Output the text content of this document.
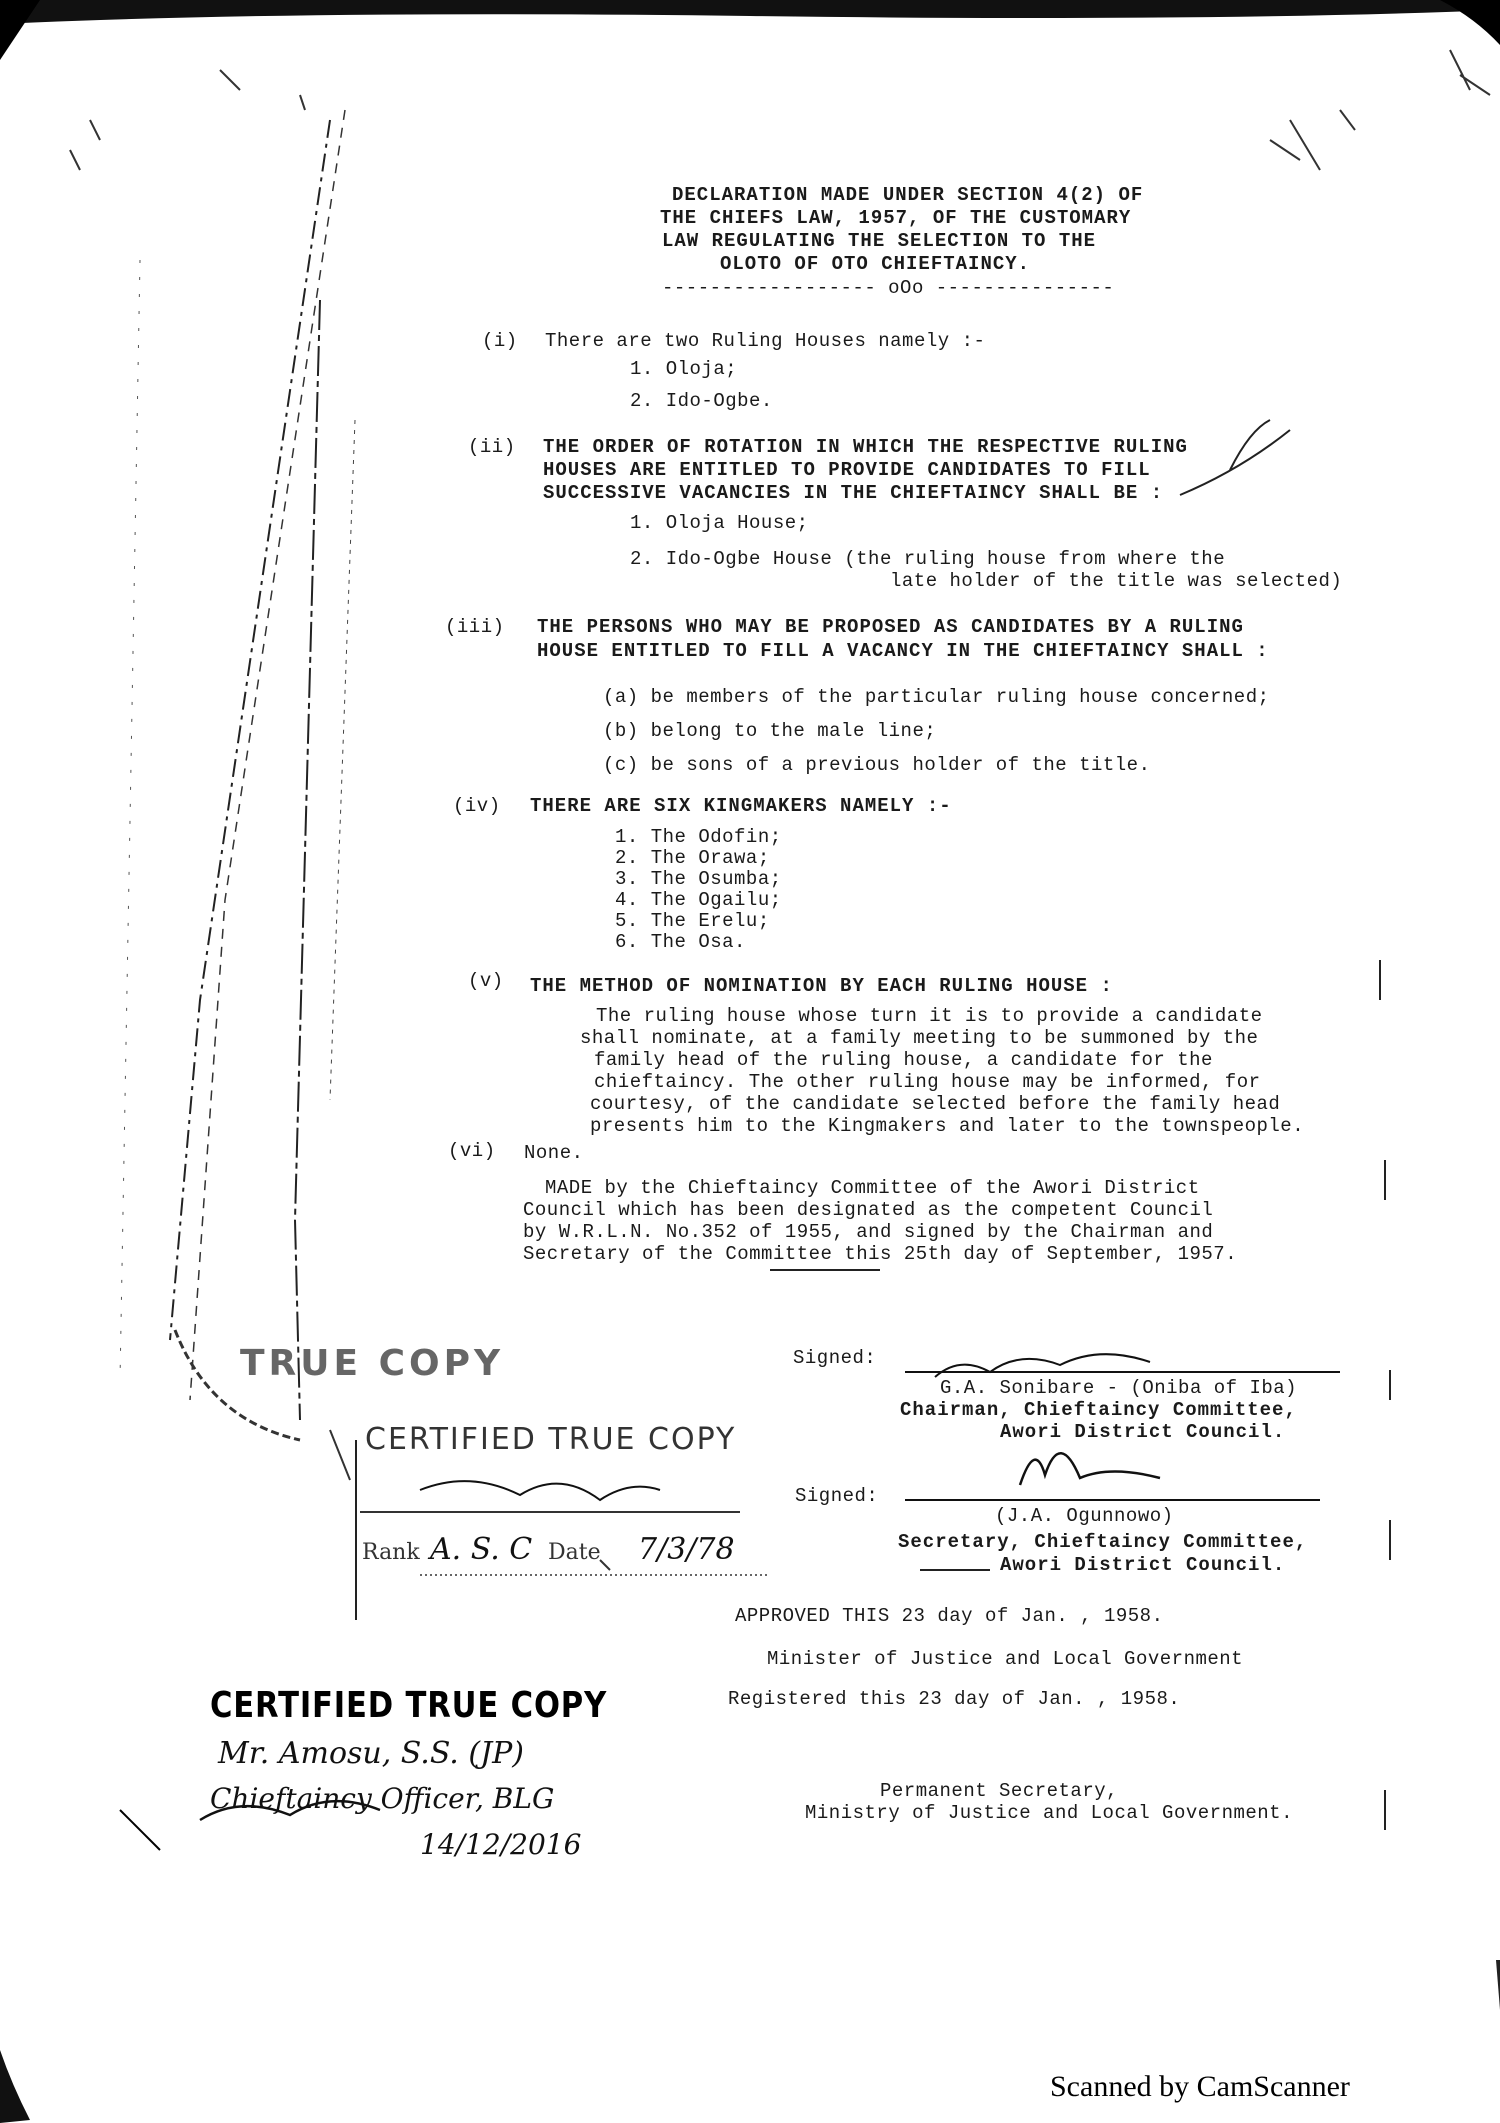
DECLARATION MADE UNDER SECTION 4(2) OF
THE CHIEFS LAW, 1957, OF THE CUSTOMARY
LAW REGULATING THE SELECTION TO THE
OLOTO OF OTO CHIEFTAINCY.
------------------ oOo ---------------
(i) There are two Ruling Houses namely :-
1. Oloja;
2. Ido-Ogbe.
(ii) THE ORDER OF ROTATION IN WHICH THE RESPECTIVE RULING
HOUSES ARE ENTITLED TO PROVIDE CANDIDATES TO FILL
SUCCESSIVE VACANCIES IN THE CHIEFTAINCY SHALL BE :
1. Oloja House;
2. Ido-Ogbe House (the ruling house from where the
late holder of the title was selected)
(iii) THE PERSONS WHO MAY BE PROPOSED AS CANDIDATES BY A RULING
HOUSE ENTITLED TO FILL A VACANCY IN THE CHIEFTAINCY SHALL :
(a) be members of the particular ruling house concerned;
(b) belong to the male line;
(c) be sons of a previous holder of the title.
(iv) THERE ARE SIX KINGMAKERS NAMELY :-
1. The Odofin;
2. The Orawa;
3. The Osumba;
4. The Ogailu;
5. The Erelu;
6. The Osa.
(v) THE METHOD OF NOMINATION BY EACH RULING HOUSE :
The ruling house whose turn it is to provide a candidate
shall nominate, at a family meeting to be summoned by the
family head of the ruling house, a candidate for the
chieftaincy. The other ruling house may be informed, for
courtesy, of the candidate selected before the family head
presents him to the Kingmakers and later to the townspeople.
(vi) None.
MADE by the Chieftaincy Committee of the Awori District
Council which has been designated as the competent Council
by W.R.L.N. No.352 of 1955, and signed by the Chairman and
Secretary of the Committee this 25th day of September, 1957.
Signed:
G.A. Sonibare - (Oniba of Iba)
Chairman, Chieftaincy Committee,
Awori District Council.
Signed:
(J.A. Ogunnowo)
Secretary, Chieftaincy Committee,
Awori District Council.
APPROVED THIS 23 day of Jan. , 1958.
Minister of Justice and Local Government
Registered this 23 day of Jan. , 1958.
Permanent Secretary,
Ministry of Justice and Local Government.
TRUE COPY
CERTIFIED TRUE COPY
Rank A. S. C Date 7/3/78
CERTIFIED TRUE COPY
Mr. Amosu, S.S. (JP)
Chieftaincy Officer, BLG
14/12/2016
Scanned by CamScanner
